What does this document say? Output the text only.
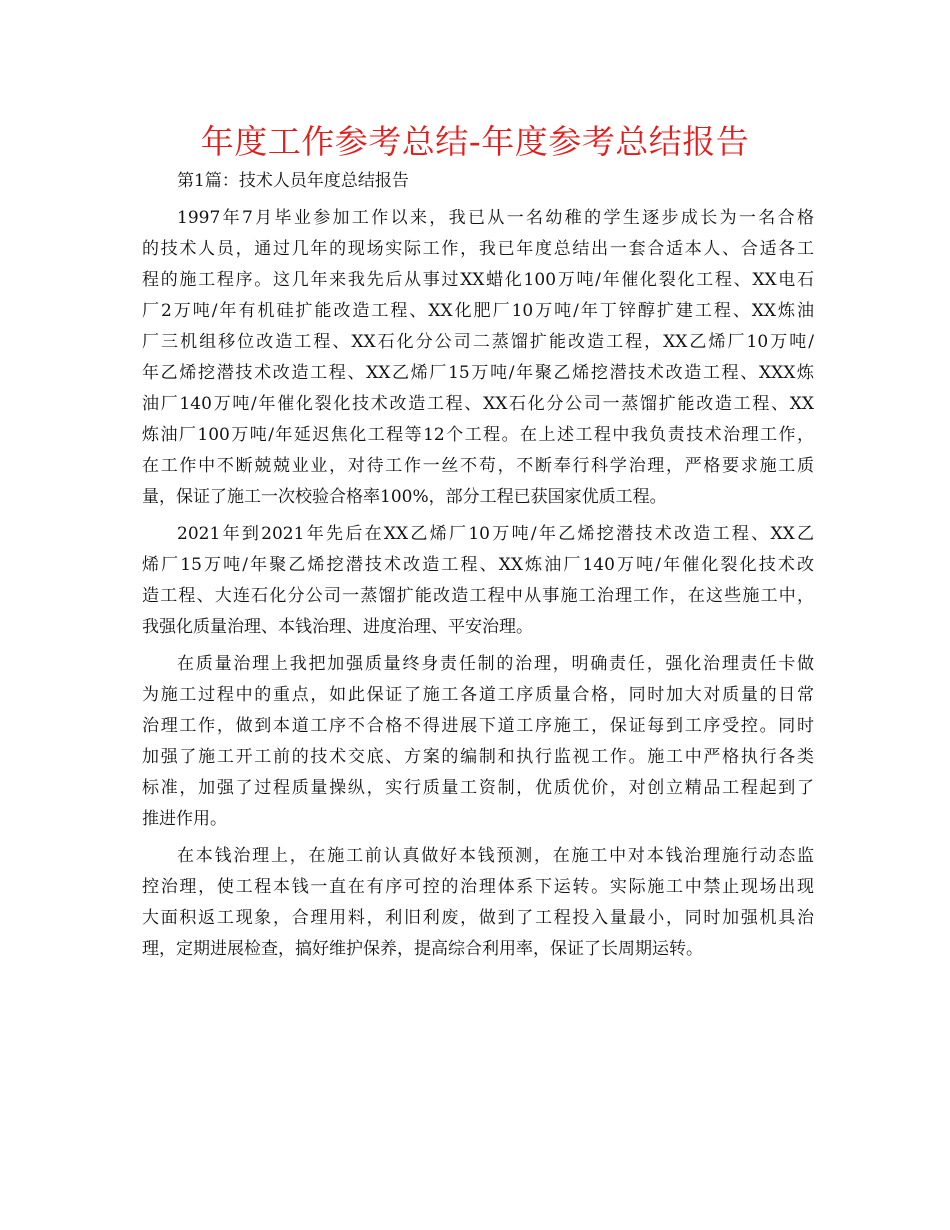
年度工作参考总结-年度参考总结报告
第1篇：技术人员年度总结报告
1997年7月毕业参加工作以来，我已从一名幼稚的学生逐步成长为一名合格
的技术人员，通过几年的现场实际工作，我已年度总结出一套合适本人、合适各工
程的施工程序。这几年来我先后从事过XX蜡化100万吨/年催化裂化工程、XX电石
厂2万吨/年有机硅扩能改造工程、XX化肥厂10万吨/年丁锌醇扩建工程、XX炼油
厂三机组移位改造工程、XX石化分公司二蒸馏扩能改造工程，XX乙烯厂10万吨/
年乙烯挖潜技术改造工程、XX乙烯厂15万吨/年聚乙烯挖潜技术改造工程、XXX炼
油厂140万吨/年催化裂化技术改造工程、XX石化分公司一蒸馏扩能改造工程、XX
炼油厂100万吨/年延迟焦化工程等12个工程。在上述工程中我负责技术治理工作，
在工作中不断兢兢业业，对待工作一丝不苟，不断奉行科学治理，严格要求施工质
量，保证了施工一次校验合格率100%，部分工程已获国家优质工程。
2021年到2021年先后在XX乙烯厂10万吨/年乙烯挖潜技术改造工程、XX乙
烯厂15万吨/年聚乙烯挖潜技术改造工程、XX炼油厂140万吨/年催化裂化技术改
造工程、大连石化分公司一蒸馏扩能改造工程中从事施工治理工作，在这些施工中，
我强化质量治理、本钱治理、进度治理、平安治理。
在质量治理上我把加强质量终身责任制的治理，明确责任，强化治理责任卡做
为施工过程中的重点，如此保证了施工各道工序质量合格，同时加大对质量的日常
治理工作，做到本道工序不合格不得进展下道工序施工，保证每到工序受控。同时
加强了施工开工前的技术交底、方案的编制和执行监视工作。施工中严格执行各类
标准，加强了过程质量操纵，实行质量工资制，优质优价，对创立精品工程起到了
推进作用。
在本钱治理上，在施工前认真做好本钱预测，在施工中对本钱治理施行动态监
控治理，使工程本钱一直在有序可控的治理体系下运转。实际施工中禁止现场出现
大面积返工现象，合理用料，利旧利废，做到了工程投入量最小，同时加强机具治
理，定期进展检查，搞好维护保养，提高综合利用率，保证了长周期运转。
